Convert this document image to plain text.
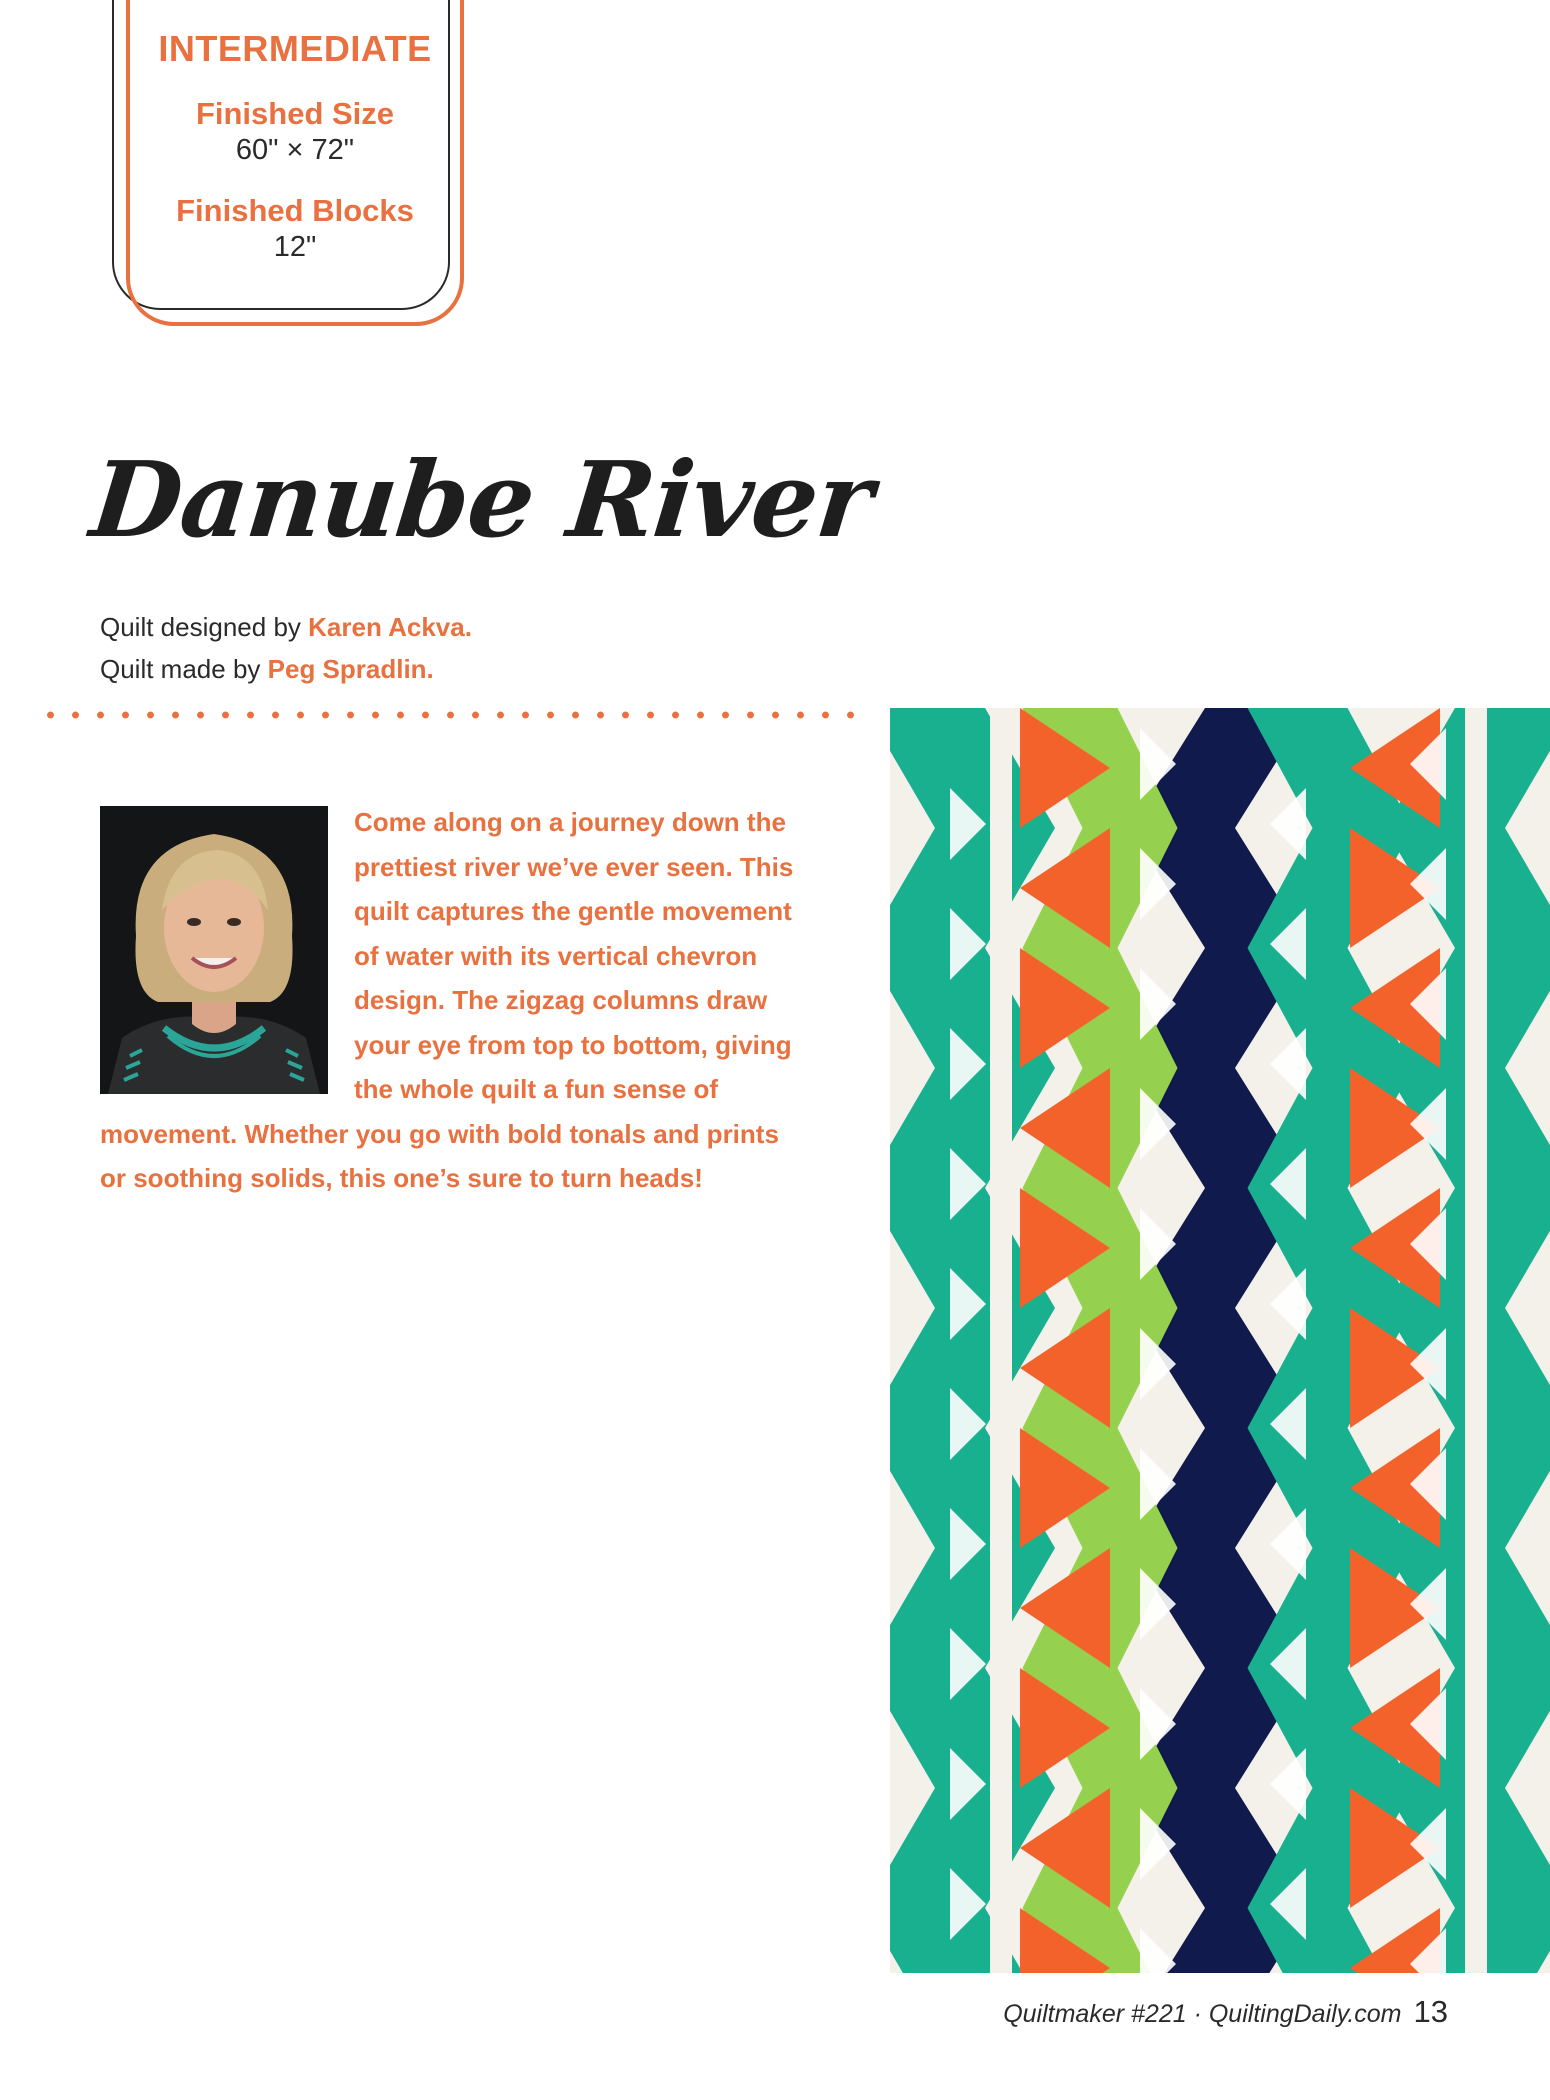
INTERMEDIATE
Finished Size
60" × 72"
Finished Blocks
12"
Danube River
Quilt designed by Karen Ackva.
Quilt made by Peg Spradlin.

Come along on a journey down the prettiest river we’ve ever seen. This quilt captures the gentle movement of water with its vertical chevron design. The zigzag columns draw your eye from top to bottom, giving the whole quilt a fun sense of movement. Whether you go with bold tonals and prints or soothing solids, this one’s sure to turn heads!

Quiltmaker #221 · QuiltingDaily.com 13
